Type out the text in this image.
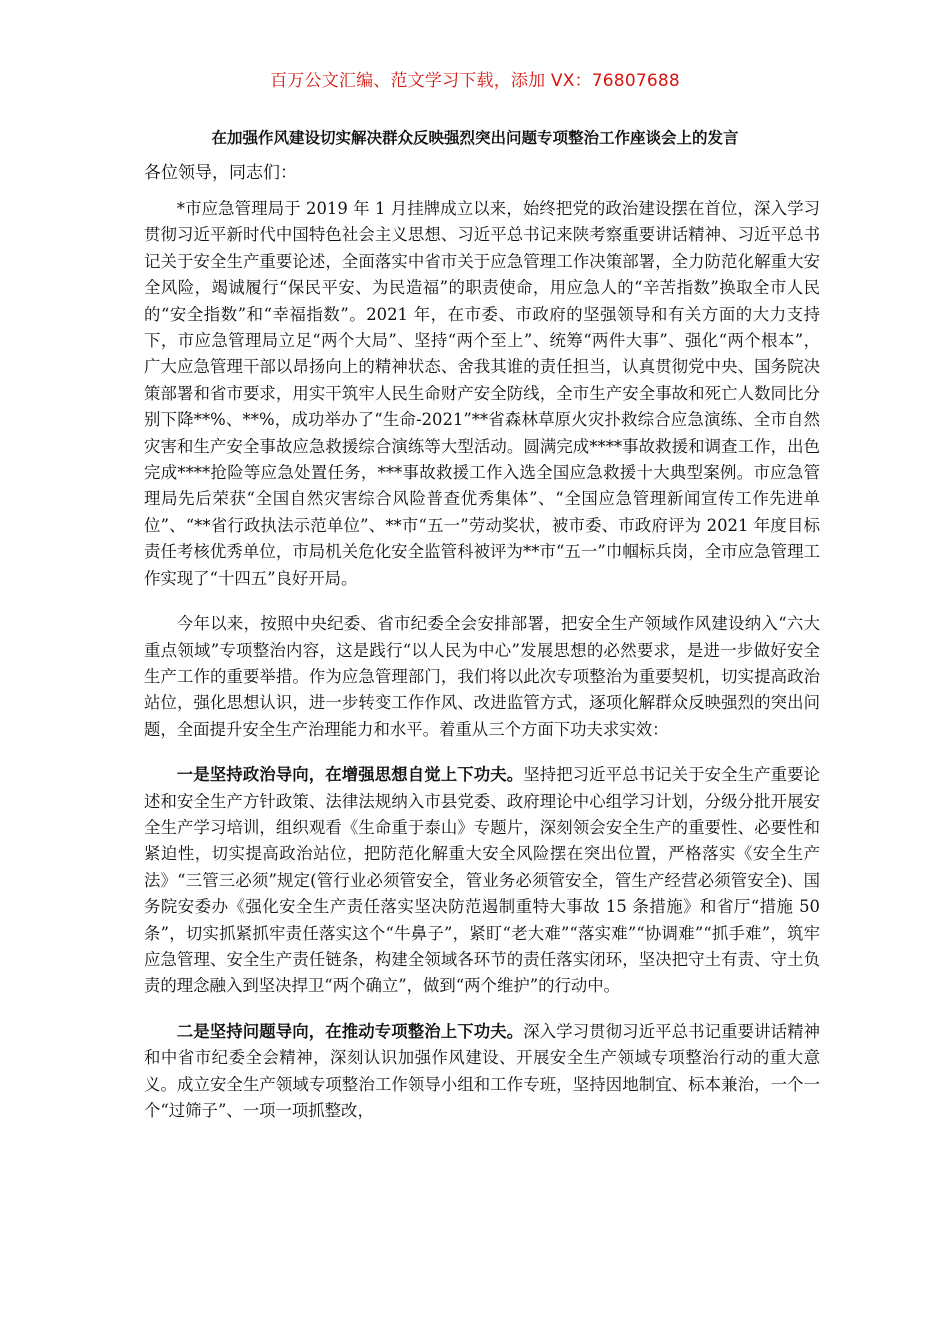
百万公文汇编、范文学习下载，添加 VX：76807688
在加强作风建设切实解决群众反映强烈突出问题专项整治工作座谈会上的发言
各位领导，同志们：

*市应急管理局于 2019 年 1 月挂牌成立以来，始终把党的政治建设摆在首位，深入学习贯彻习近平新时代中国特色社会主义思想、习近平总书记来陕考察重要讲话精神、习近平总书记关于安全生产重要论述，全面落实中省市关于应急管理工作决策部署，全力防范化解重大安全风险，竭诚履行“保民平安、为民造福”的职责使命，用应急人的“辛苦指数”换取全市人民的“安全指数”和“幸福指数”。2021 年，在市委、市政府的坚强领导和有关方面的大力支持下，市应急管理局立足“两个大局”、坚持“两个至上”、统筹“两件大事”、强化“两个根本”， 广大应急管理干部以昂扬向上的精神状态、舍我其谁的责任担当，认真贯彻党中央、国务院决策部署和省市要求，用实干筑牢人民生命财产安全防线，全市生产安全事故和死亡人数同比分别下降**%、**%，成功举办了“生命-2021”**省森林草原火灾扑救综合应急演练、全市自然灾害和生产安全事故应急救援综合演练等大型活动。圆满完成****事故救援和调查工作，出色完成****抢险等应急处置任务，***事故救援工作入选全国应急救援十大典型案例。市应急管理局先后荣获“全国自然灾害综合风险普查优秀集体”、“全国应急管理新闻宣传工作先进单位”、“**省行政执法示范单位”、**市“五一”劳动奖状，被市委、市政府评为 2021 年度目标责任考核优秀单位，市局机关危化安全监管科被评为**市“五一”巾帼标兵岗，全市应急管理工作实现了“十四五”良好开局。

今年以来，按照中央纪委、省市纪委全会安排部署，把安全生产领域作风建设纳入“六大重点领域”专项整治内容，这是践行“以人民为中心”发展思想的必然要求，是进一步做好安全生产工作的重要举措。作为应急管理部门，我们将以此次专项整治为重要契机，切实提高政治站位，强化思想认识，进一步转变工作作风、改进监管方式，逐项化解群众反映强烈的突出问题，全面提升安全生产治理能力和水平。着重从三个方面下功夫求实效：

一是坚持政治导向，在增强思想自觉上下功夫。坚持把习近平总书记关于安全生产重要论述和安全生产方针政策、法律法规纳入市县党委、政府理论中心组学习计划，分级分批开展安全生产学习培训，组织观看《生命重于泰山》专题片，深刻领会安全生产的重要性、必要性和紧迫性，切实提高政治站位，把防范化解重大安全风险摆在突出位置，严格落实《安全生产法》“三管三必须”规定(管行业必须管安全，管业务必须管安全，管生产经营必须管安全)、国务院安委办《强化安全生产责任落实坚决防范遏制重特大事故 15 条措施》和省厅“措施 50 条”，切实抓紧抓牢责任落实这个“牛鼻子”，紧盯“老大难”“落实难”“协调难”“抓手难”，筑牢应急管理、安全生产责任链条，构建全领域各环节的责任落实闭环，坚决把守土有责、守土负责的理念融入到坚决捍卫“两个确立”，做到“两个维护”的行动中。

二是坚持问题导向，在推动专项整治上下功夫。深入学习贯彻习近平总书记重要讲话精神和中省市纪委全会精神，深刻认识加强作风建设、开展安全生产领域专项整治行动的重大意义。成立安全生产领域专项整治工作领导小组和工作专班，坚持因地制宜、标本兼治，一个一个“过筛子”、一项一项抓整改，
